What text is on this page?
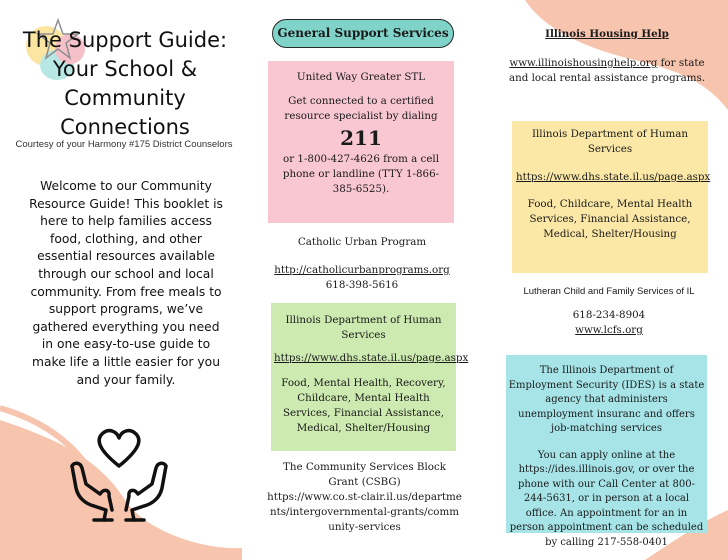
The Support Guide:
Your School &
Community
Connections
Courtesy of your Harmony #175 District Counselors
Welcome to our Community Resource Guide! This booklet is here to help families access food, clothing, and other essential resources available through our school and local community. From free meals to support programs, we’ve gathered everything you need in one easy-to-use guide to make life a little easier for you and your family.
General Support Services

United Way Greater STL

Get connected to a certified resource specialist by dialing

211

or 1-800-427-4626 from a cell phone or landline (TTY 1-866-385-6525).

Catholic Urban Program

http://catholicurbanprograms.org

618-398-5616

Illinois Department of Human Services

https://www.dhs.state.il.us/page.aspx

Food, Mental Health, Recovery, Childcare, Mental Health Services, Financial Assistance, Medical, Shelter/Housing

The Community Services Block Grant (CSBG)

https://www.co.st-clair.il.us/departments/intergovernmental-grants/community-services

Illinois Housing Help

www.illinoishousinghelp.org for state and local rental assistance programs.

Illinois Department of Human Services

https://www.dhs.state.il.us/page.aspx

Food, Childcare, Mental Health Services, Financial Assistance, Medical, Shelter/Housing

Lutheran Child and Family Services of IL

618-234-8904

www.lcfs.org

The Illinois Department of Employment Security (IDES) is a state agency that administers unemployment insuranc and offers job-matching services

You can apply online at the https://ides.illinois.gov, or over the phone with our Call Center at 800-244-5631, or in person at a local office. An appointment for an in person appointment can be scheduled by calling 217-558-0401
